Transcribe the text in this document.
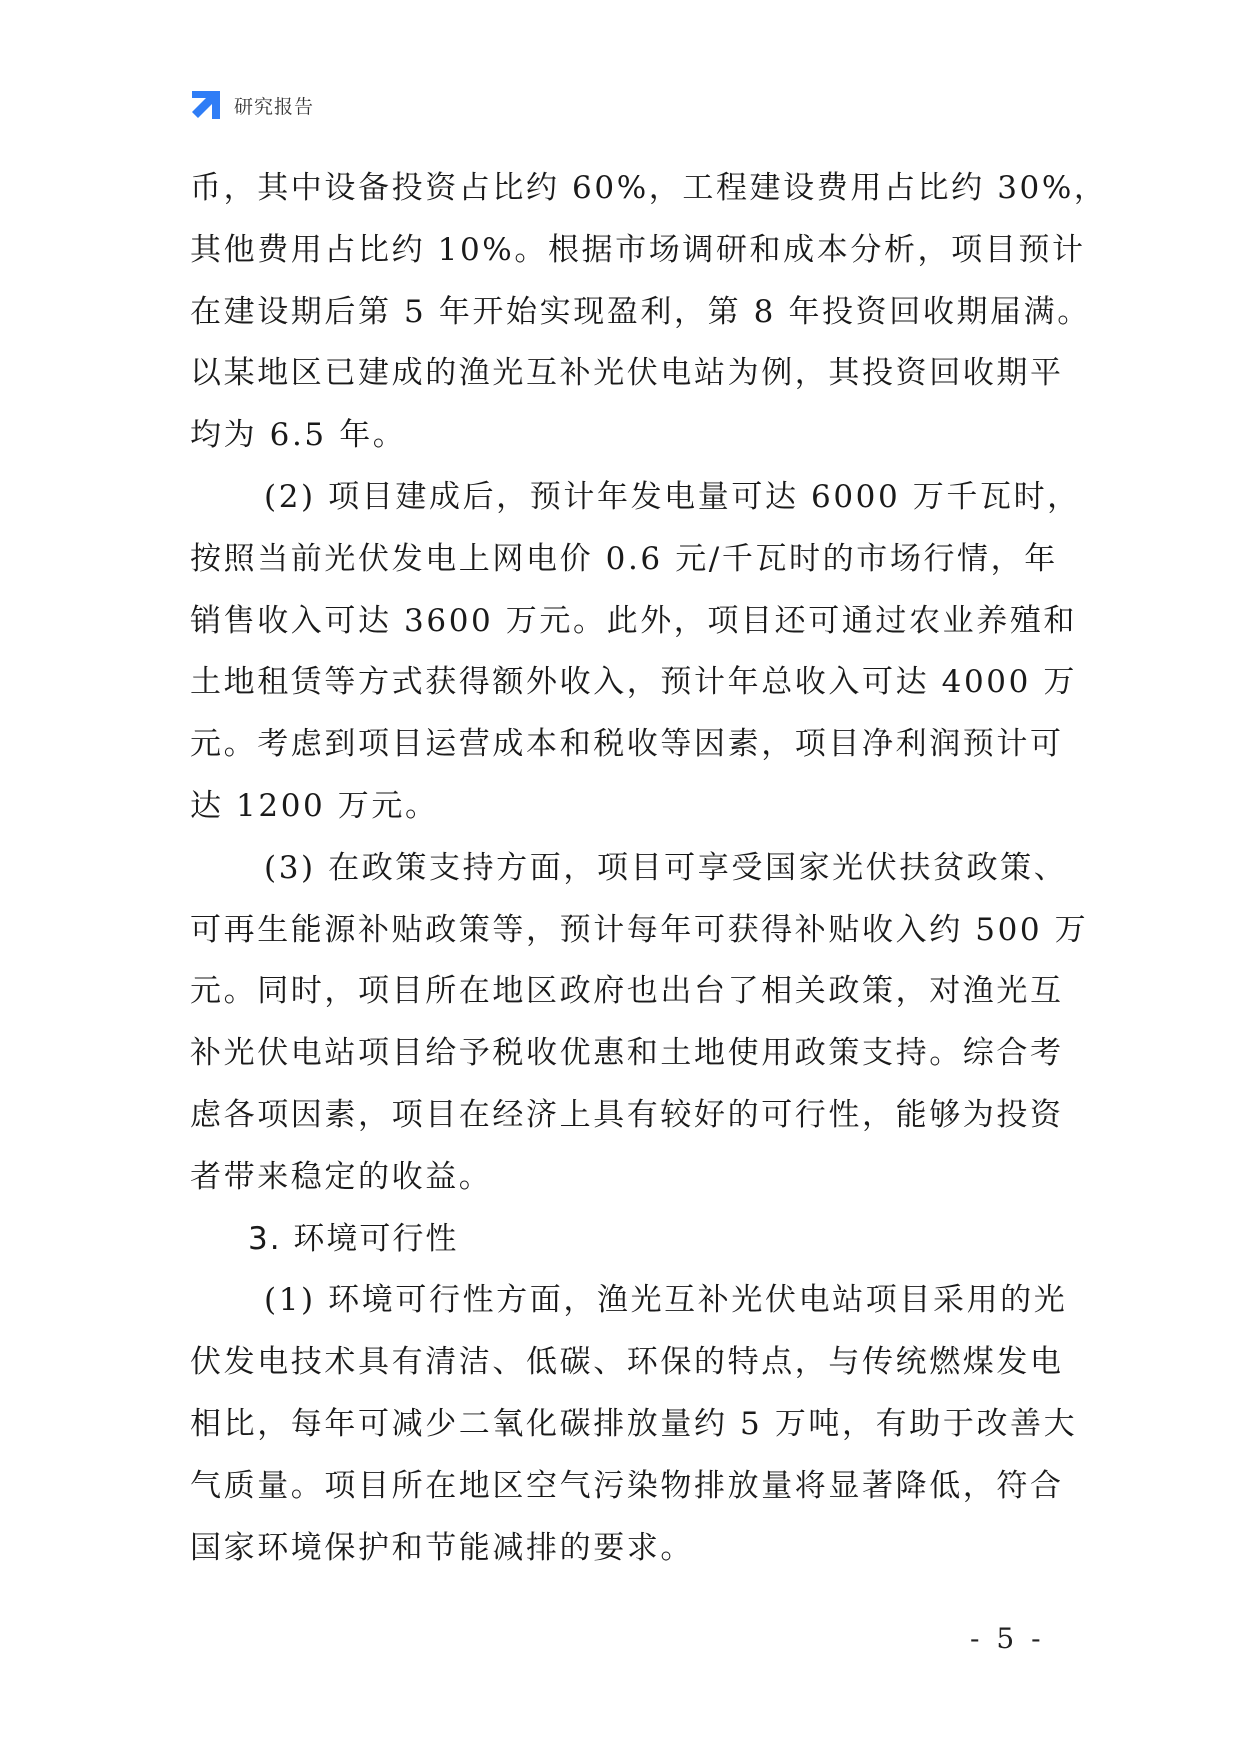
研究报告
币，其中设备投资占比约 60%，工程建设费用占比约 30%，
其他费用占比约 10%。根据市场调研和成本分析，项目预计
在建设期后第 5 年开始实现盈利，第 8 年投资回收期届满。
以某地区已建成的渔光互补光伏电站为例，其投资回收期平
均为 6.5 年。
(2) 项目建成后，预计年发电量可达 6000 万千瓦时，
按照当前光伏发电上网电价 0.6 元/千瓦时的市场行情，年
销售收入可达 3600 万元。此外，项目还可通过农业养殖和
土地租赁等方式获得额外收入，预计年总收入可达 4000 万
元。考虑到项目运营成本和税收等因素，项目净利润预计可
达 1200 万元。
(3) 在政策支持方面，项目可享受国家光伏扶贫政策、
可再生能源补贴政策等，预计每年可获得补贴收入约 500 万
元。同时，项目所在地区政府也出台了相关政策，对渔光互
补光伏电站项目给予税收优惠和土地使用政策支持。综合考
虑各项因素，项目在经济上具有较好的可行性，能够为投资
者带来稳定的收益。
3. 环境可行性
(1) 环境可行性方面，渔光互补光伏电站项目采用的光
伏发电技术具有清洁、低碳、环保的特点，与传统燃煤发电
相比，每年可减少二氧化碳排放量约 5 万吨，有助于改善大
气质量。项目所在地区空气污染物排放量将显著降低，符合
国家环境保护和节能减排的要求。
- 5 -
